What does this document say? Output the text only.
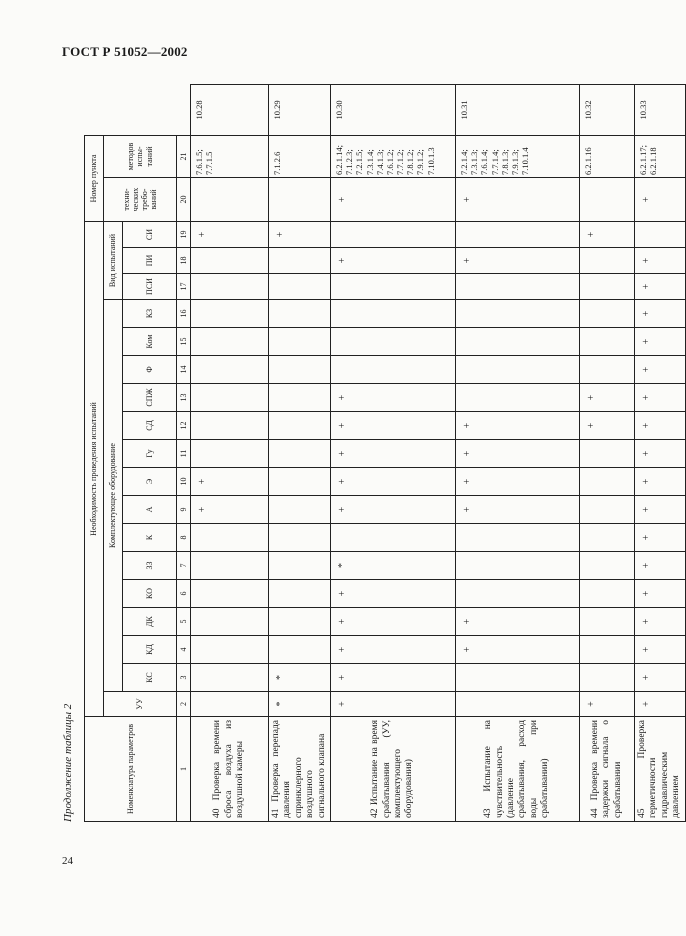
ГОСТ Р 51052—2002
Продолжение таблицы 2
24
Номенклатура параметров	Необходимость проведения испытаний																		Номер пункта		
	УУ	Комплектующее оборудование														Вид испытаний			техни-ческих требо-ваний	методов испы-таний	
		КС	КД	ДК	КО	ЗЗ	К	А	Э	Гу	СД	СПЖ	Ф	Ком	КЗ	ПСИ	ПИ	СИ			
1	2	3	4	5	6	7	8	9	10	11	12	13	14	15	16	17	18	19	20	21	
40 Проверка времени сброса воздуха из воздушной камеры								+	+									+		7.6.1.5; 7.7.1.5	10.28
41 Проверка перепада давления спринклерного воздушного сигнального клапана	*	*																+		7.1.2.6	10.29
42 Испытание на время срабатывания (УУ, комплектующего оборудования)	+	+	+	+	+	*		+	+	+	+	+					+		+	6.2.1.14; 7.1.2.3; 7.2.1.5; 7.3.1.4; 7.4.1.3; 7.6.1.2; 7.7.1.2; 7.8.1.2; 7.9.1.2; 7.10.1.3	10.30
43 Испытание на чувствительность (давление срабатывания, расход воды при срабатывании)			+	+				+	+	+	+						+		+	7.2.1.4; 7.3.1.3; 7.6.1.4; 7.7.1.4; 7.8.1.3; 7.9.1.3; 7.10.1.4	10.31
44 Проверка времени задержки сигнала о срабатывании	+										+	+						+		6.2.1.16	10.32
45 Проверка герметичности гидравлическим давлением	+	+	+	+	+	+	+	+	+	+	+	+	+	+	+	+	+		+	6.2.1.17; 6.2.1.18	10.33
